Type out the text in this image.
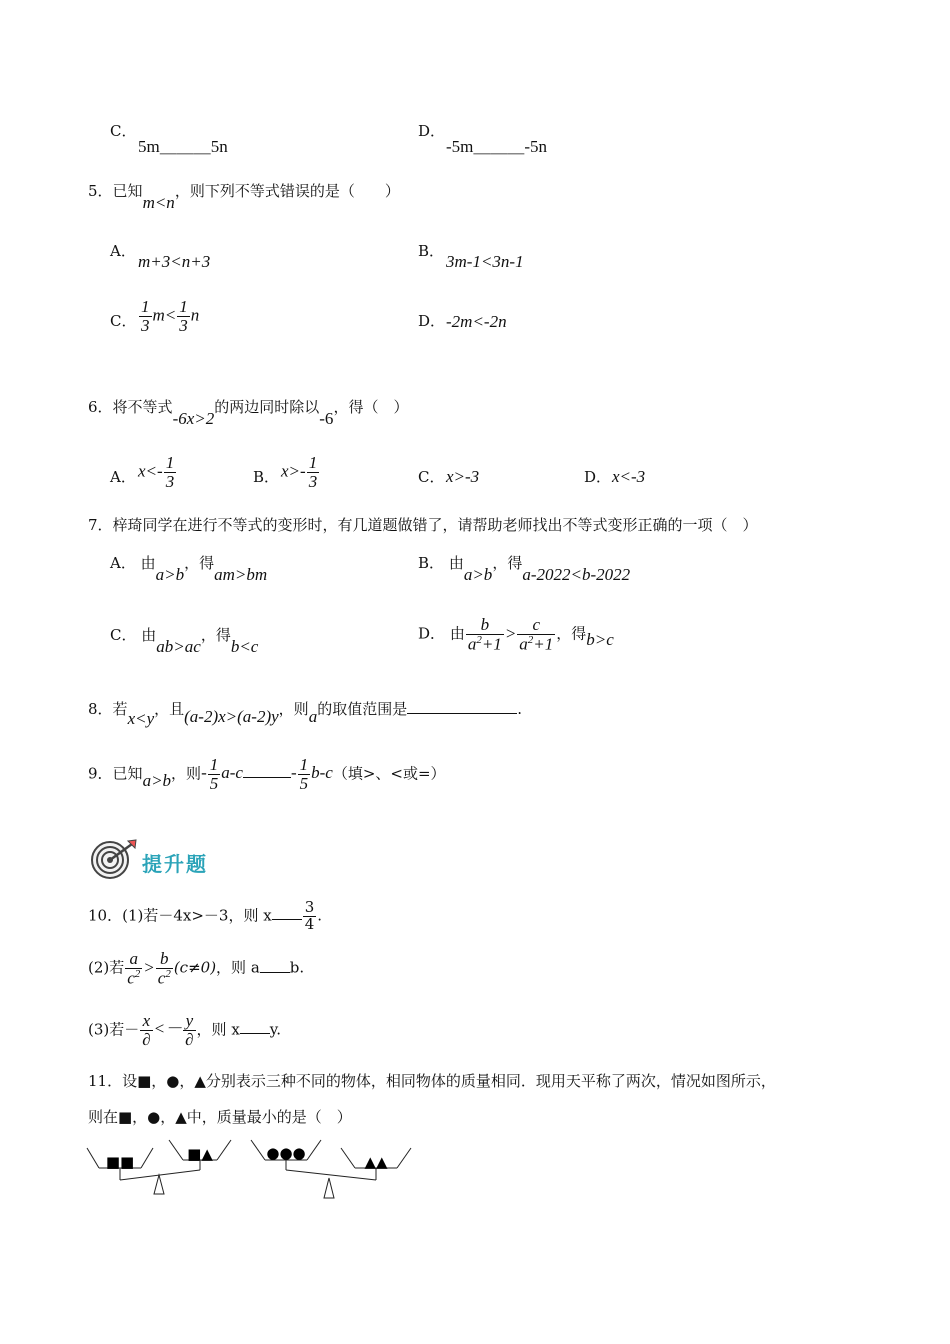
C．
5m＿＿＿5n
D．
-5m＿＿＿-5n
5．已知m<n，则下列不等式错误的是（　　）
A．
m+3<n+3
B．
3m-1<3n-1
C． $\frac{1}{3} m< \frac{1}{3}$ n	D． -2m<-2n
6．将不等式-6x>2的两边同时除以-6，得（　）
A． $x<- \frac{1}{3}$	B． $x>- \frac{1}{3}$	C． x>-3	D． x<-3
7．梓琦同学在进行不等式的变形时，有几道题做错了，请帮助老师找出不等式变形正确的一项（　）
A． 由a>b，得am>bm
B． 由a>b，得a-2022<b-2022
C． 由ab>ac，得b<c
D． 由 $\frac{b}{a^2+1} > \frac{c}{a^2+1}$ ，得b>c
8．若x<y，且(a-2)x>(a-2)y，则a的取值范围是	.
9．已知a>b，则- $\frac{1}{5} a-c$	- $\frac{1}{5} b-c$（填>、<或=）
提升题
10．(1)若－4x>－3，则 x $\frac{3}{4}$ .
(2)若 $\frac{a}{c^2} > \frac{b}{c^2} (c\ne 0)$，则 a b.
(3)若－ $\frac{x}{\partial} <- \frac{y}{\partial}$ ，则 x y.
11．设■，●，▲分别表示三种不同的物体，相同物体的质量相同．现用天平称了两次，情况如图所示，
则在■，●，▲中，质量最小的是（　）
■■	■▲	●●●	▲▲
